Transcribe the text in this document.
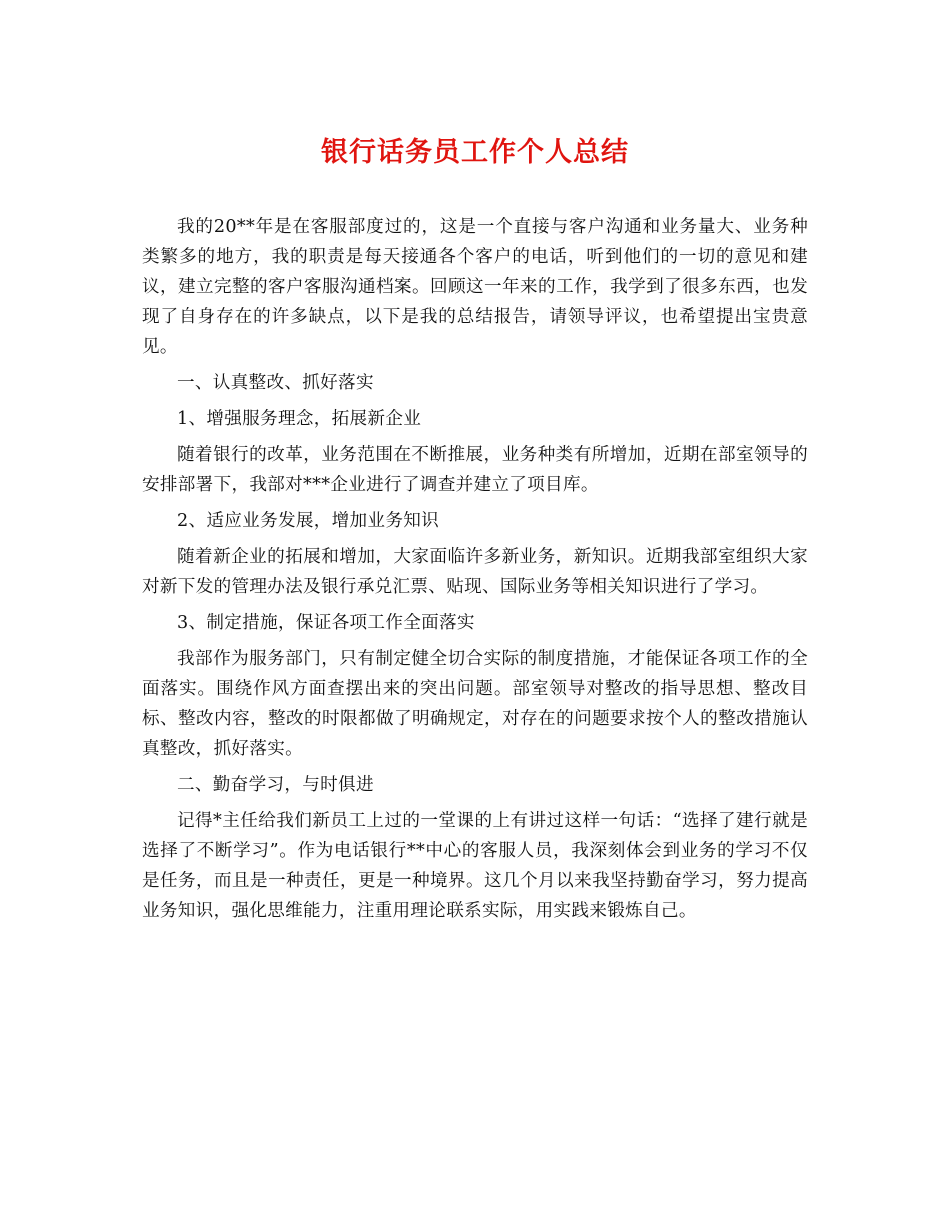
银行话务员工作个人总结

我的20**年是在客服部度过的，这是一个直接与客户沟通和业务量大、业务种类繁多的地方，我的职责是每天接通各个客户的电话，听到他们的一切的意见和建议，建立完整的客户客服沟通档案。回顾这一年来的工作，我学到了很多东西，也发现了自身存在的许多缺点，以下是我的总结报告，请领导评议，也希望提出宝贵意见。

一、认真整改、抓好落实

1、增强服务理念，拓展新企业

随着银行的改革，业务范围在不断推展，业务种类有所增加，近期在部室领导的安排部署下，我部对***企业进行了调查并建立了项目库。

2、适应业务发展，增加业务知识

随着新企业的拓展和增加，大家面临许多新业务，新知识。近期我部室组织大家对新下发的管理办法及银行承兑汇票、贴现、国际业务等相关知识进行了学习。

3、制定措施，保证各项工作全面落实

我部作为服务部门，只有制定健全切合实际的制度措施，才能保证各项工作的全面落实。围绕作风方面查摆出来的突出问题。部室领导对整改的指导思想、整改目标、整改内容，整改的时限都做了明确规定，对存在的问题要求按个人的整改措施认真整改，抓好落实。

二、勤奋学习，与时俱进

记得*主任给我们新员工上过的一堂课的上有讲过这样一句话：“选择了建行就是选择了不断学习”。作为电话银行**中心的客服人员，我深刻体会到业务的学习不仅是任务，而且是一种责任，更是一种境界。这几个月以来我坚持勤奋学习，努力提高业务知识，强化思维能力，注重用理论联系实际，用实践来锻炼自己。
